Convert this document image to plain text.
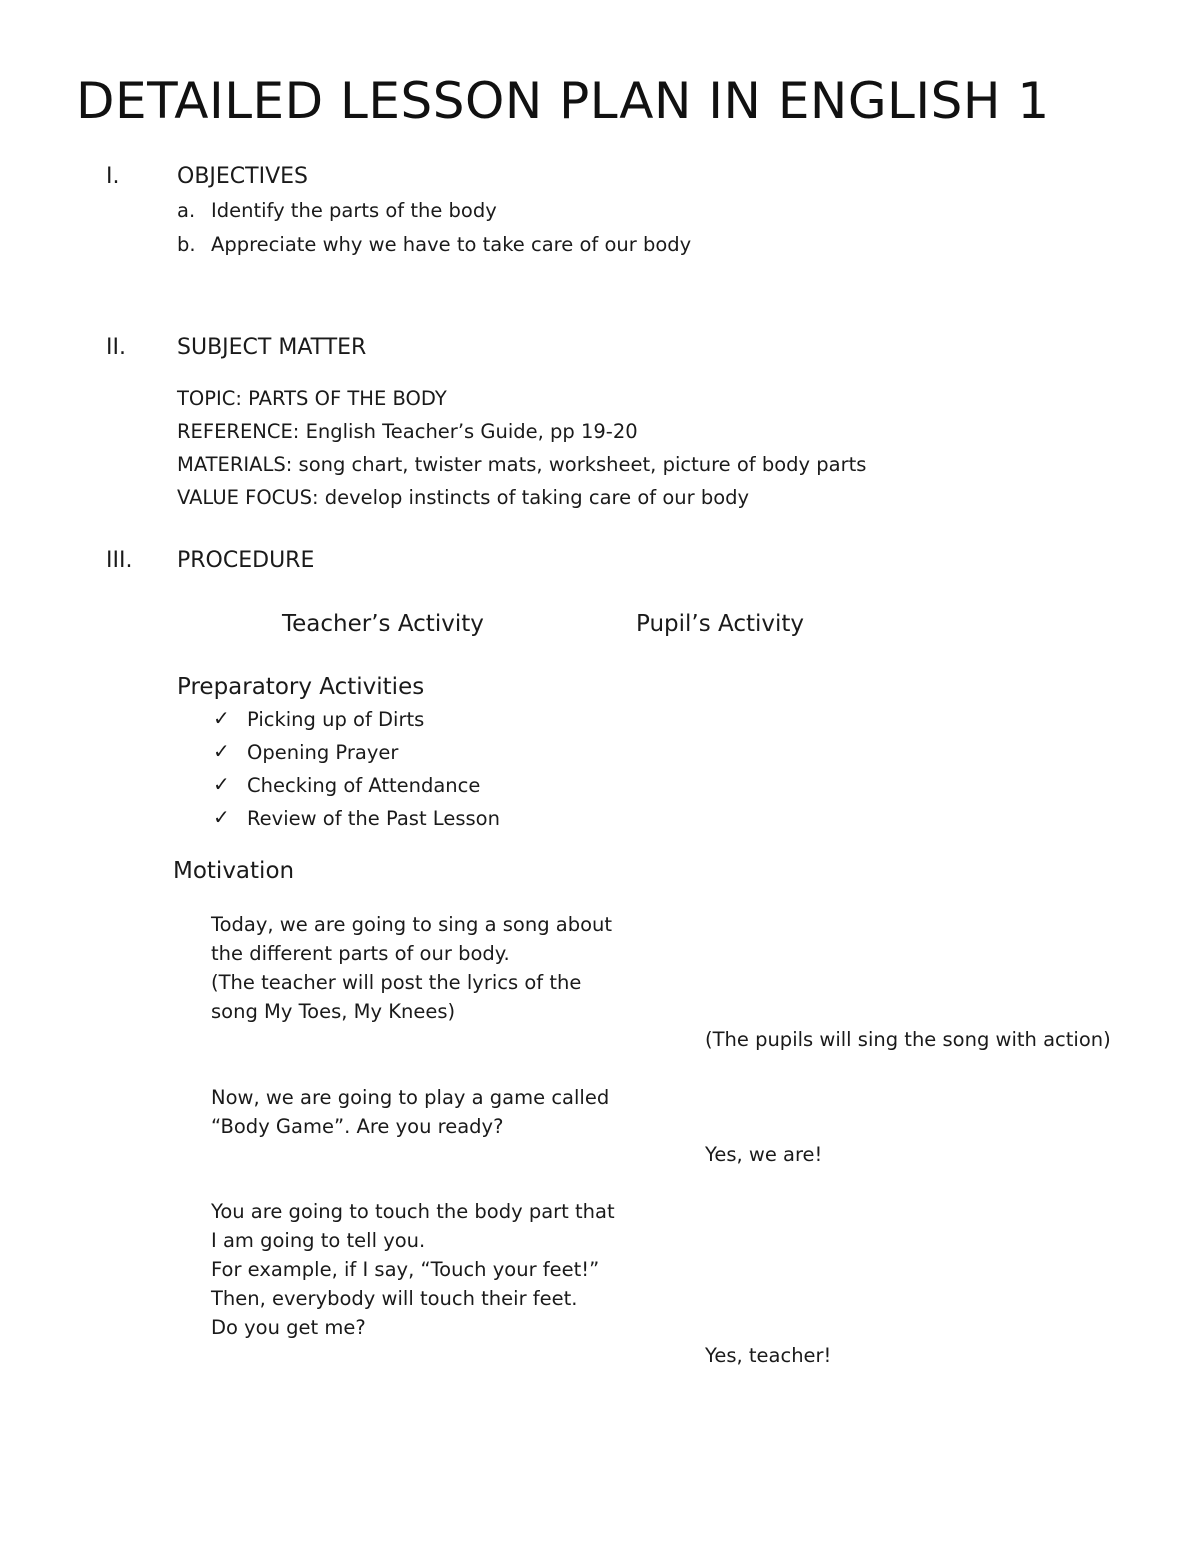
DETAILED LESSON PLAN IN ENGLISH 1
I.	OBJECTIVES
a. Identify the parts of the body
b. Appreciate why we have to take care of our body
II. SUBJECT MATTER
TOPIC: PARTS OF THE BODY
REFERENCE: English Teacher’s Guide, pp 19-20
MATERIALS: song chart, twister mats, worksheet, picture of body parts
VALUE FOCUS: develop instincts of taking care of our body
III. PROCEDURE
Teacher’s Activity	Pupil’s Activity
Preparatory Activities
✓ Picking up of Dirts
✓ Opening Prayer
✓ Checking of Attendance
✓ Review of the Past Lesson
Motivation
Today, we are going to sing a song about
the different parts of our body.
(The teacher will post the lyrics of the
song My Toes, My Knees)
(The pupils will sing the song with action)
Now, we are going to play a game called
“Body Game”. Are you ready?
Yes, we are!
You are going to touch the body part that
I am going to tell you.
For example, if I say, “Touch your feet!”
Then, everybody will touch their feet.
Do you get me?
Yes, teacher!
